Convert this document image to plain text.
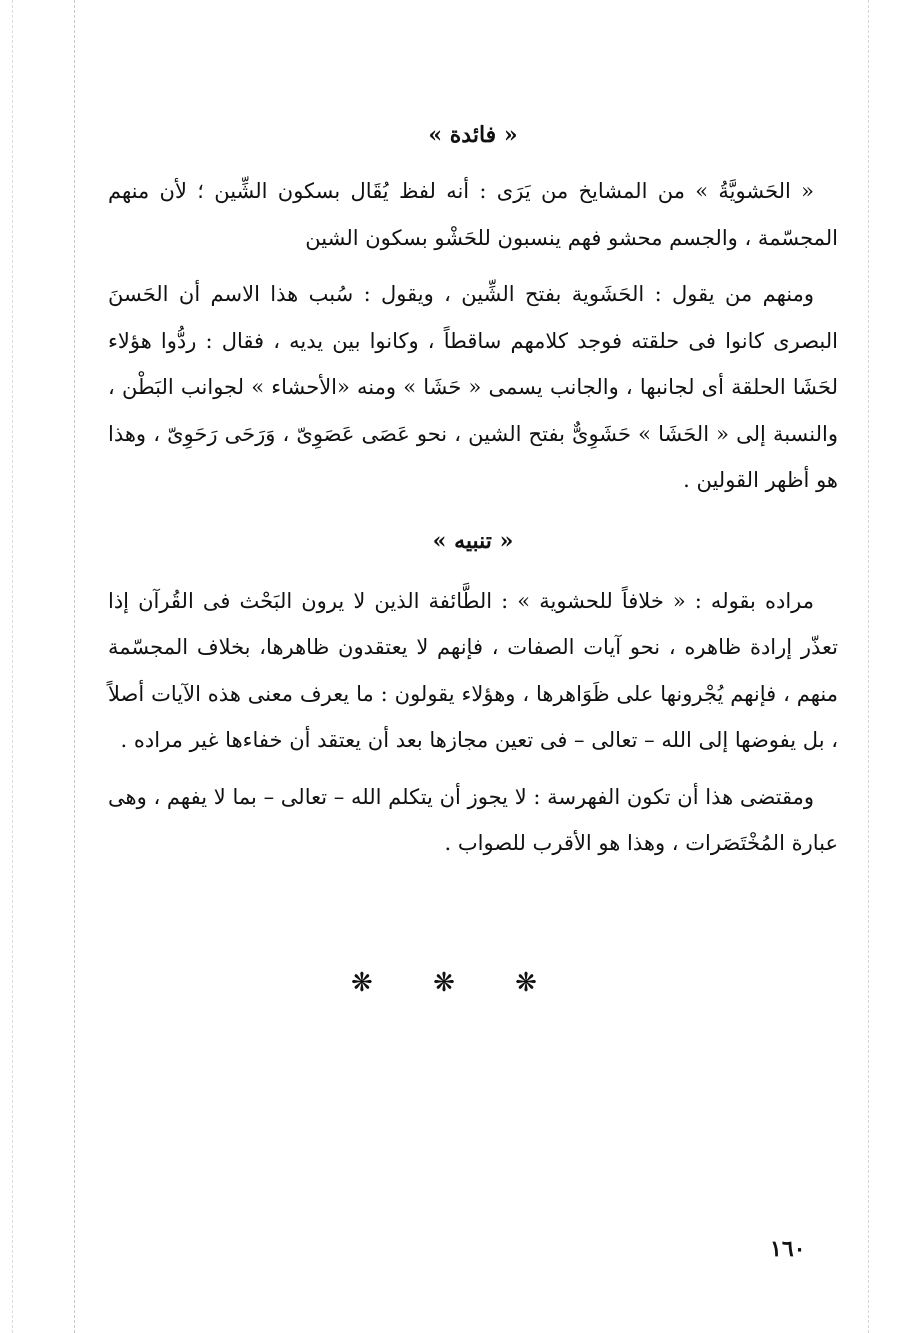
« فائدة »

« الحَشويَّةُ » من المشايخ من يَرَى : أنه لفظ يُقَال بسكون الشِّين ؛ لأن منهم المجسّمة ، والجسم محشو فهم ينسبون للحَشْو بسكون الشين

ومنهم من يقول : الحَشَوية بفتح الشِّين ، ويقول : سُبب هذا الاسم أن الحَسنَ البصرى كانوا فى حلقته فوجد كلامهم ساقطاً ، وكانوا بين يديه ، فقال : ردُّوا هؤلاء لحَشَا الحلقة أى لجانبها ، والجانب يسمى « حَشَا » ومنه «الأحشاء » لجوانب البَطْن ، والنسبة إلى « الحَشَا » حَشَوِىٌّ بفتح الشين ، نحو عَصَى عَصَوِىّ ، وَرَحَى رَحَوِىّ ، وهذا هو أظهر القولين .

« تنبيه »

مراده بقوله : « خلافاً للحشوية » : الطَّائفة الذين لا يرون البَحْث فى القُرآن إذا تعذّر إرادة ظاهره ، نحو آيات الصفات ، فإنهم لا يعتقدون ظاهرها، بخلاف المجسّمة منهم ، فإنهم يُجْرونها على ظَوَاهرها ، وهؤلاء يقولون : ما يعرف معنى هذه الآيات أصلاً ، بل يفوضها إلى الله – تعالى – فى تعين مجازها بعد أن يعتقد أن خفاءها غير مراده .

ومقتضى هذا أن تكون الفهرسة : لا يجوز أن يتكلم الله – تعالى – بما لا يفهم ، وهى عبارة المُخْتَصَرات ، وهذا هو الأقرب للصواب .

❋ ❋ ❋
١٦٠
